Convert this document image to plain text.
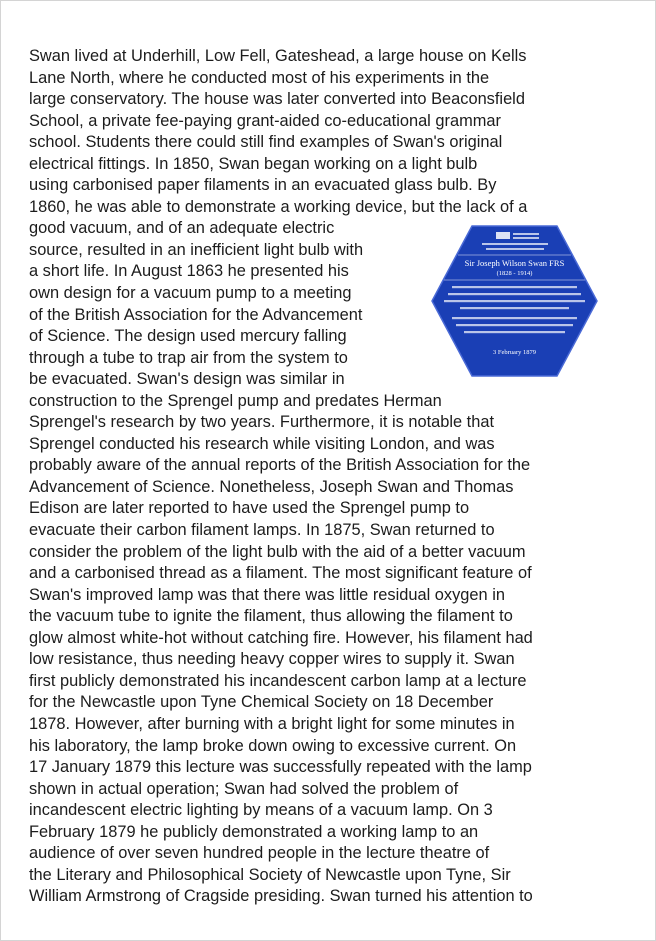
Swan lived at Underhill, Low Fell, Gateshead, a large house on Kells
Lane North, where he conducted most of his experiments in the
large conservatory. The house was later converted into Beaconsfield
School, a private fee-paying grant-aided co-educational grammar
school. Students there could still find examples of Swan's original
electrical fittings. In 1850, Swan began working on a light bulb
using carbonised paper filaments in an evacuated glass bulb. By
1860, he was able to demonstrate a working device, but the lack of a
good vacuum, and of an adequate electric
source, resulted in an inefficient light bulb with
a short life. In August 1863 he presented his
own design for a vacuum pump to a meeting
of the British Association for the Advancement
of Science. The design used mercury falling
through a tube to trap air from the system to
be evacuated. Swan's design was similar in
construction to the Sprengel pump and predates Herman
Sprengel's research by two years. Furthermore, it is notable that
Sprengel conducted his research while visiting London, and was
probably aware of the annual reports of the British Association for the
Advancement of Science. Nonetheless, Joseph Swan and Thomas
Edison are later reported to have used the Sprengel pump to
evacuate their carbon filament lamps. In 1875, Swan returned to
consider the problem of the light bulb with the aid of a better vacuum
and a carbonised thread as a filament. The most significant feature of
Swan's improved lamp was that there was little residual oxygen in
the vacuum tube to ignite the filament, thus allowing the filament to
glow almost white-hot without catching fire. However, his filament had
low resistance, thus needing heavy copper wires to supply it. Swan
first publicly demonstrated his incandescent carbon lamp at a lecture
for the Newcastle upon Tyne Chemical Society on 18 December
1878. However, after burning with a bright light for some minutes in
his laboratory, the lamp broke down owing to excessive current. On
17 January 1879 this lecture was successfully repeated with the lamp
shown in actual operation; Swan had solved the problem of
incandescent electric lighting by means of a vacuum lamp. On 3
February 1879 he publicly demonstrated a working lamp to an
audience of over seven hundred people in the lecture theatre of
the Literary and Philosophical Society of Newcastle upon Tyne, Sir
William Armstrong of Cragside presiding. Swan turned his attention to
Sir Joseph Wilson Swan FRS
(1828 - 1914)
3 February 1879
